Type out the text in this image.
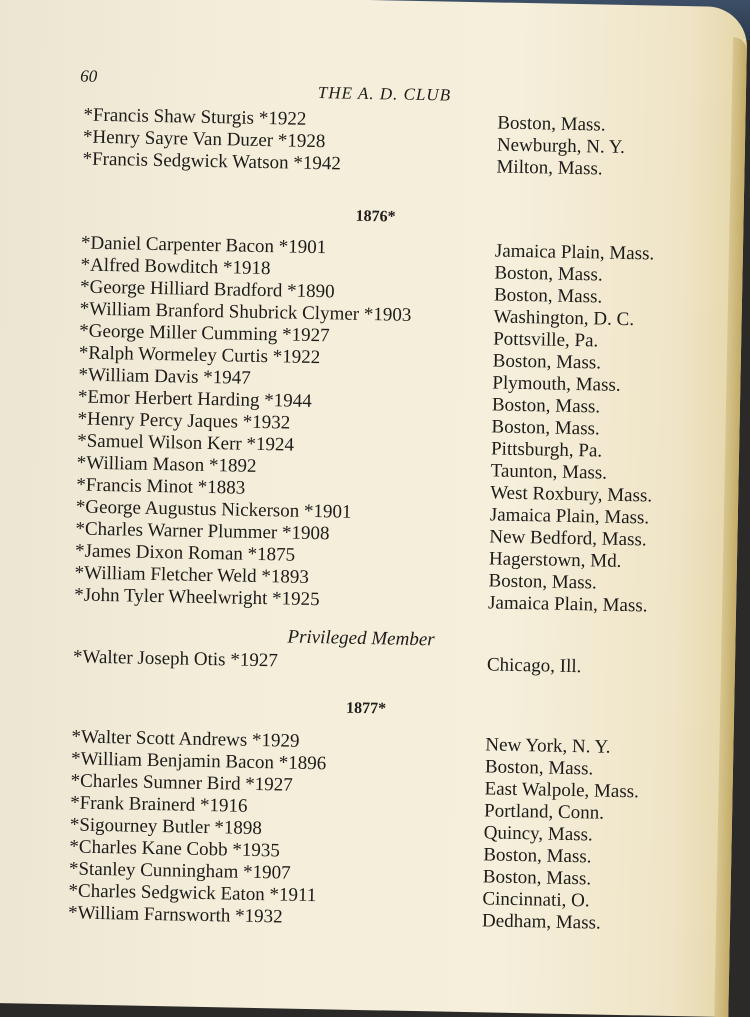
60
THE A. D. CLUB
*Francis Shaw Sturgis *1922	Boston, Mass.
*Henry Sayre Van Duzer *1928	Newburgh, N. Y.
*Francis Sedgwick Watson *1942	Milton, Mass.
1876*
*Daniel Carpenter Bacon *1901	Jamaica Plain, Mass.
*Alfred Bowditch *1918	Boston, Mass.
*George Hilliard Bradford *1890	Boston, Mass.
*William Branford Shubrick Clymer *1903	Washington, D. C.
*George Miller Cumming *1927	Pottsville, Pa.
*Ralph Wormeley Curtis *1922	Boston, Mass.
*William Davis *1947	Plymouth, Mass.
*Emor Herbert Harding *1944	Boston, Mass.
*Henry Percy Jaques *1932	Boston, Mass.
*Samuel Wilson Kerr *1924	Pittsburgh, Pa.
*William Mason *1892	Taunton, Mass.
*Francis Minot *1883	West Roxbury, Mass.
*George Augustus Nickerson *1901	Jamaica Plain, Mass.
*Charles Warner Plummer *1908	New Bedford, Mass.
*James Dixon Roman *1875	Hagerstown, Md.
*William Fletcher Weld *1893	Boston, Mass.
*John Tyler Wheelwright *1925	Jamaica Plain, Mass.
Privileged Member
*Walter Joseph Otis *1927	Chicago, Ill.
1877*
*Walter Scott Andrews *1929	New York, N. Y.
*William Benjamin Bacon *1896	Boston, Mass.
*Charles Sumner Bird *1927	East Walpole, Mass.
*Frank Brainerd *1916	Portland, Conn.
*Sigourney Butler *1898	Quincy, Mass.
*Charles Kane Cobb *1935	Boston, Mass.
*Stanley Cunningham *1907	Boston, Mass.
*Charles Sedgwick Eaton *1911	Cincinnati, O.
*William Farnsworth *1932	Dedham, Mass.
